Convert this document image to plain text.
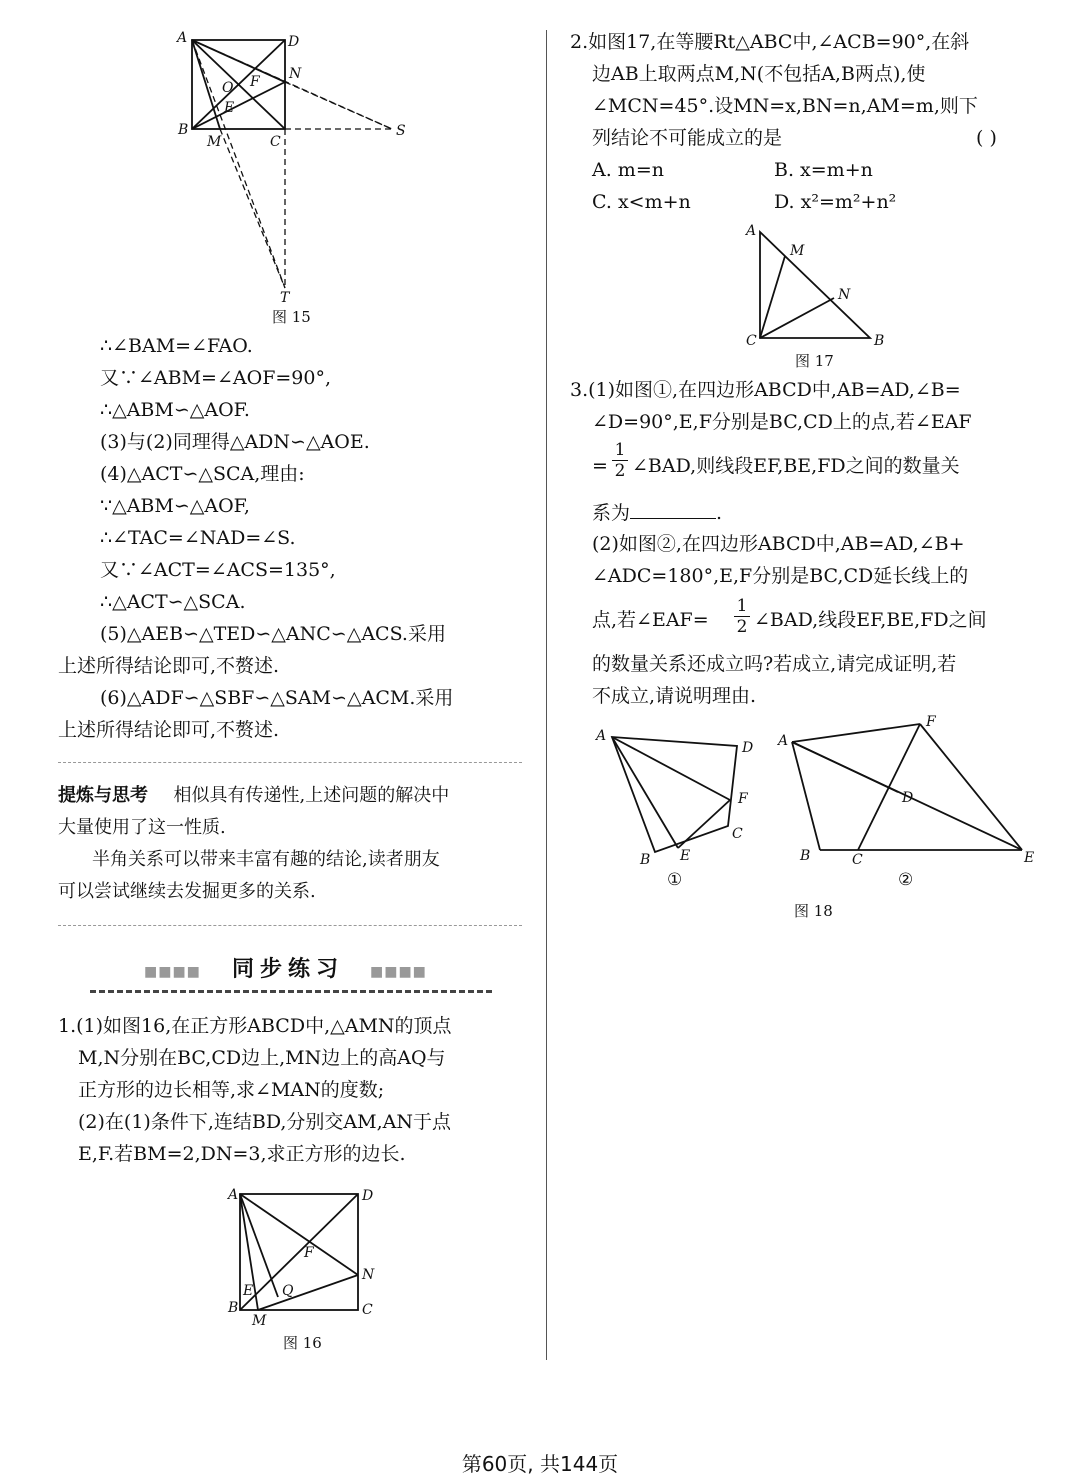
A	D
N
O F
E
B
M	C
S
T
图 15
∴∠BAM=∠FAO.
又∵∠ABM=∠AOF=90°,
∴△ABM∽△AOF.
(3)与(2)同理得△ADN∽△AOE.
(4)△ACT∽△SCA,理由:
∵△ABM∽△AOF,
∴∠TAC=∠NAD=∠S.
又∵∠ACT=∠ACS=135°,
∴△ACT∽△SCA.
(5)△AEB∽△TED∽△ANC∽△ACS.采用
上述所得结论即可,不赘述.
(6)△ADF∽△SBF∽△SAM∽△ACM.采用
上述所得结论即可,不赘述.
提炼与思考 相似具有传递性,上述问题的解决中
大量使用了这一性质.
半角关系可以带来丰富有趣的结论,读者朋友
可以尝试继续去发掘更多的关系.
■■■■ 同步练习 ■■■■
1.(1)如图16,在正方形ABCD中,△AMN的顶点
M,N分别在BC,CD边上,MN边上的高AQ与
正方形的边长相等,求∠MAN的度数;
(2)在(1)条件下,连结BD,分别交AM,AN于点
E,F.若BM=2,DN=3,求正方形的边长.
A	D
F
N
E Q
B
M
C
图 16
2.如图17,在等腰Rt△ABC中,∠ACB=90°,在斜
边AB上取两点M,N(不包括A,B两点),使
∠MCN=45°.设MN=x,BN=n,AM=m,则下
列结论不可能成立的是	( )
A. m=n	B. x=m+n
C. x<m+n	D. x²=m²+n²
A
M
N
C	B
图 17
3.(1)如图①,在四边形ABCD中,AB=AD,∠B=
∠D=90°,E,F分别是BC,CD上的点,若∠EAF
= $\frac{1}{2}$ ∠BAD,则线段EF,BE,FD之间的数量关
系为	.
(2)如图②,在四边形ABCD中,AB=AD,∠B+
∠ADC=180°,E,F分别是BC,CD延长线上的
点,若∠EAF= $\frac{1}{2}$ ∠BAD,线段EF,BE,FD之间
的数量关系还成立吗?若成立,请完成证明,若
不成立,请说明理由.
A
D
F
C
B E
A
F
D
B	C	E
①	②
图 18
第60页, 共144页
